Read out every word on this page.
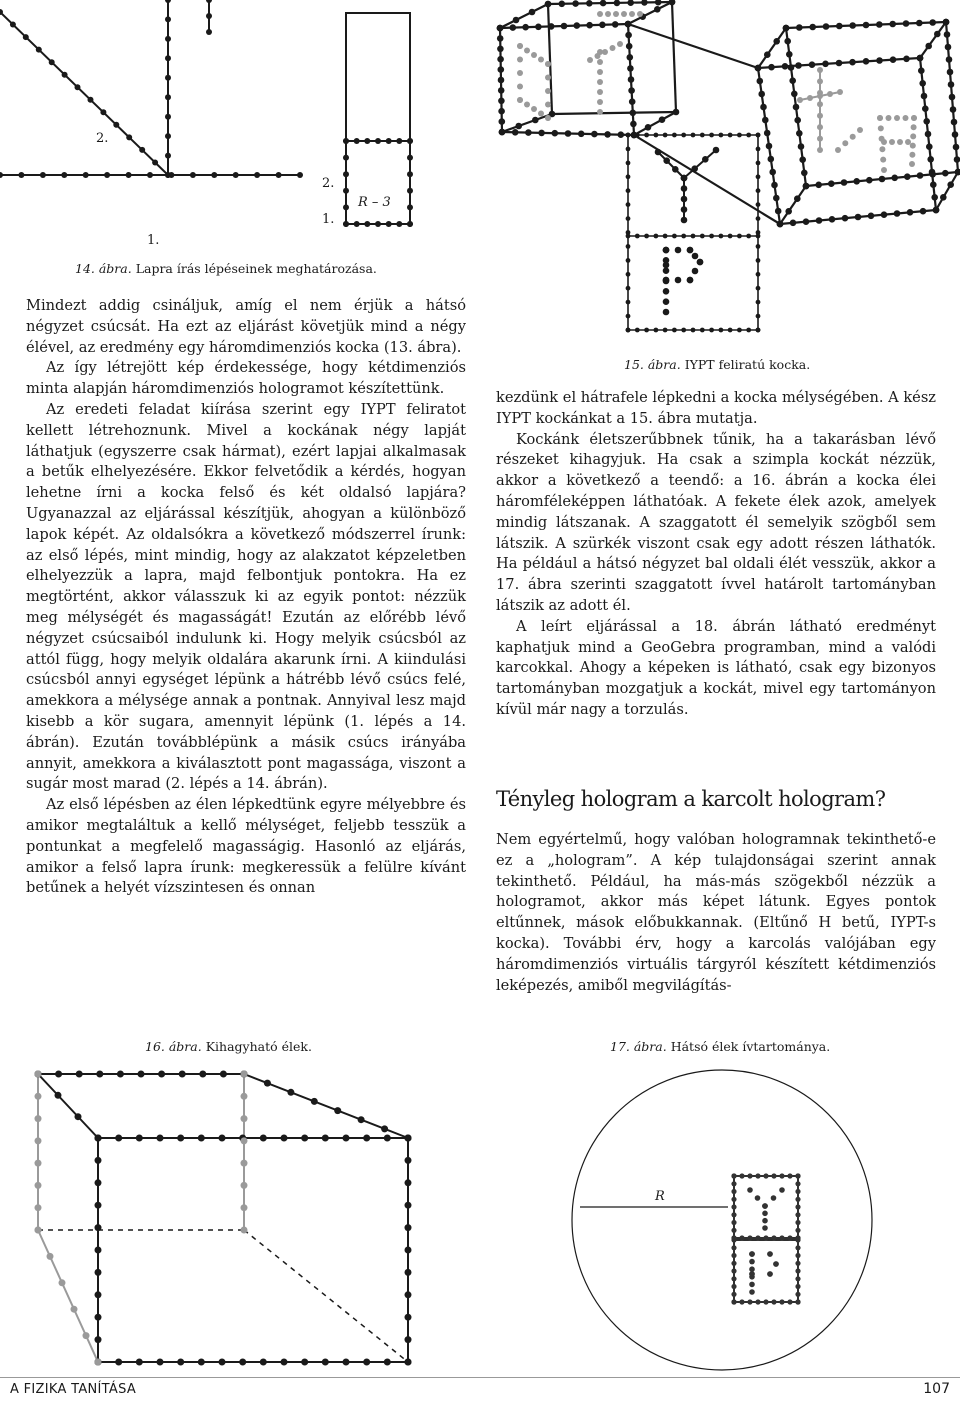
2.
1.
2.
1.
R – 3
14. ábra. Lapra írás lépéseinek meghatározása.
15. ábra. IYPT feliratú kocka.

Mindezt addig csináljuk, amíg el nem érjük a hátsó négyzet csúcsát. Ha ezt az eljárást követjük mind a négy élével, az eredmény egy háromdimenziós kocka (13. ábra).

Az így létrejött kép érdekessége, hogy kétdimenziós minta alapján háromdimenziós hologramot készítettünk.

Az eredeti feladat kiírása szerint egy IYPT feliratot kellett létrehoznunk. Mivel a kockának négy lapját láthatjuk (egyszerre csak hármat), ezért lapjai alkalmasak a betűk elhelyezésére. Ekkor felvetődik a kérdés, hogyan lehetne írni a kocka felső és két oldalsó lapjára? Ugyanazzal az eljárással készítjük, ahogyan a különböző lapok képét. Az oldalsókra a következő módszerrel írunk: az első lépés, mint mindig, hogy az alakzatot képzeletben elhelyezzük a lapra, majd felbontjuk pontokra. Ha ez megtörtént, akkor válasszuk ki az egyik pontot: nézzük meg mélységét és magasságát! Ezután az előrébb lévő négyzet csúcsaiból indulunk ki. Hogy melyik csúcsból az attól függ, hogy melyik oldalára akarunk írni. A kiindulási csúcsból annyi egységet lépünk a hátrébb lévő csúcs felé, amekkora a mélysége annak a pontnak. Annyival lesz majd kisebb a kör sugara, amennyit lépünk (1. lépés a 14. ábrán). Ezután továbblépünk a másik csúcs irányába annyit, amekkora a kiválasztott pont magassága, viszont a sugár most marad (2. lépés a 14. ábrán).

Az első lépésben az élen lépkedtünk egyre mélyebbre és amikor megtaláltuk a kellő mélységet, feljebb tesszük a pontunkat a megfelelő magasságig. Hasonló az eljárás, amikor a felső lapra írunk: megkeressük a felülre kívánt betűnek a helyét vízszintesen és onnan

kezdünk el hátrafele lépkedni a kocka mélységében. A kész IYPT kockánkat a 15. ábra mutatja.

Kockánk életszerűbbnek tűnik, ha a takarásban lévő részeket kihagyjuk. Ha csak a szimpla kockát nézzük, akkor a következő a teendő: a 16. ábrán a kocka élei háromféleképpen láthatóak. A fekete élek azok, amelyek mindig látszanak. A szaggatott él semelyik szögből sem látszik. A szürkék viszont csak egy adott részen láthatók. Ha például a hátsó négyzet bal oldali élét vesszük, akkor a 17. ábra szerinti szaggatott ívvel határolt tartományban látszik az adott él.

A leírt eljárással a 18. ábrán látható eredményt kaphatjuk mind a GeoGebra programban, mind a valódi karcokkal. Ahogy a képeken is látható, csak egy bizonyos tartományban mozgatjuk a kockát, mivel egy tartományon kívül már nagy a torzulás.

Tényleg hologram a karcolt hologram?

Nem egyértelmű, hogy valóban hologramnak tekinthető-e ez a „hologram”. A kép tulajdonságai szerint annak tekinthető. Például, ha más-más szögekből nézzük a hologramot, akkor más képet látunk. Egyes pontok eltűnnek, mások előbukkannak. (Eltűnő H betű, IYPT-s kocka). További érv, hogy a karcolás valójában egy háromdimenziós virtuális tárgyról készített kétdimenziós leképezés, amiből megvilágítás-

16. ábra. Kihagyható élek.	17. ábra. Hátsó élek ívtartománya.
R
A FIZIKA TANÍTÁSA	107
